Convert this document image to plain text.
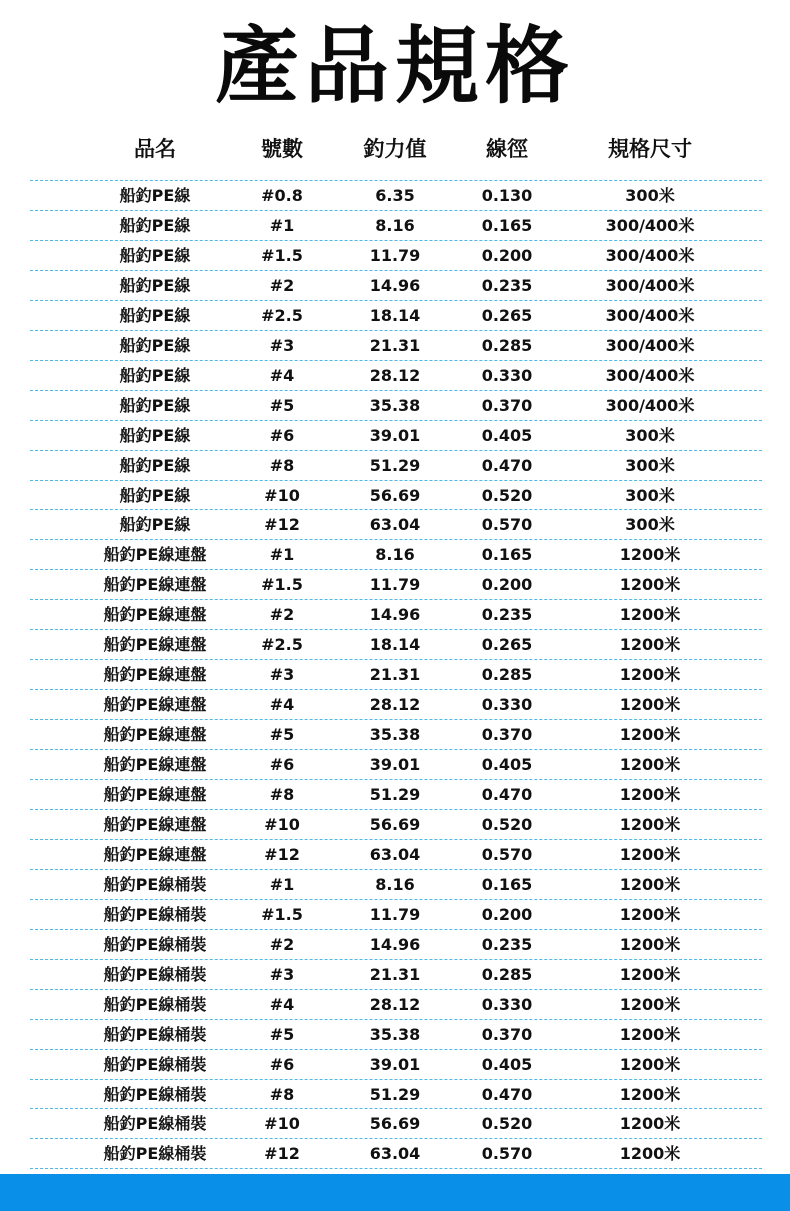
產品規格
品名	號數	釣力值	線徑	規格尺寸
船釣PE線	#0.8	6.35	0.130	300米
船釣PE線	#1	8.16	0.165	300/400米
船釣PE線	#1.5	11.79	0.200	300/400米
船釣PE線	#2	14.96	0.235	300/400米
船釣PE線	#2.5	18.14	0.265	300/400米
船釣PE線	#3	21.31	0.285	300/400米
船釣PE線	#4	28.12	0.330	300/400米
船釣PE線	#5	35.38	0.370	300/400米
船釣PE線	#6	39.01	0.405	300米
船釣PE線	#8	51.29	0.470	300米
船釣PE線	#10	56.69	0.520	300米
船釣PE線	#12	63.04	0.570	300米
船釣PE線連盤	#1	8.16	0.165	1200米
船釣PE線連盤	#1.5	11.79	0.200	1200米
船釣PE線連盤	#2	14.96	0.235	1200米
船釣PE線連盤	#2.5	18.14	0.265	1200米
船釣PE線連盤	#3	21.31	0.285	1200米
船釣PE線連盤	#4	28.12	0.330	1200米
船釣PE線連盤	#5	35.38	0.370	1200米
船釣PE線連盤	#6	39.01	0.405	1200米
船釣PE線連盤	#8	51.29	0.470	1200米
船釣PE線連盤	#10	56.69	0.520	1200米
船釣PE線連盤	#12	63.04	0.570	1200米
船釣PE線桶裝	#1	8.16	0.165	1200米
船釣PE線桶裝	#1.5	11.79	0.200	1200米
船釣PE線桶裝	#2	14.96	0.235	1200米
船釣PE線桶裝	#3	21.31	0.285	1200米
船釣PE線桶裝	#4	28.12	0.330	1200米
船釣PE線桶裝	#5	35.38	0.370	1200米
船釣PE線桶裝	#6	39.01	0.405	1200米
船釣PE線桶裝	#8	51.29	0.470	1200米
船釣PE線桶裝	#10	56.69	0.520	1200米
船釣PE線桶裝	#12	63.04	0.570	1200米
